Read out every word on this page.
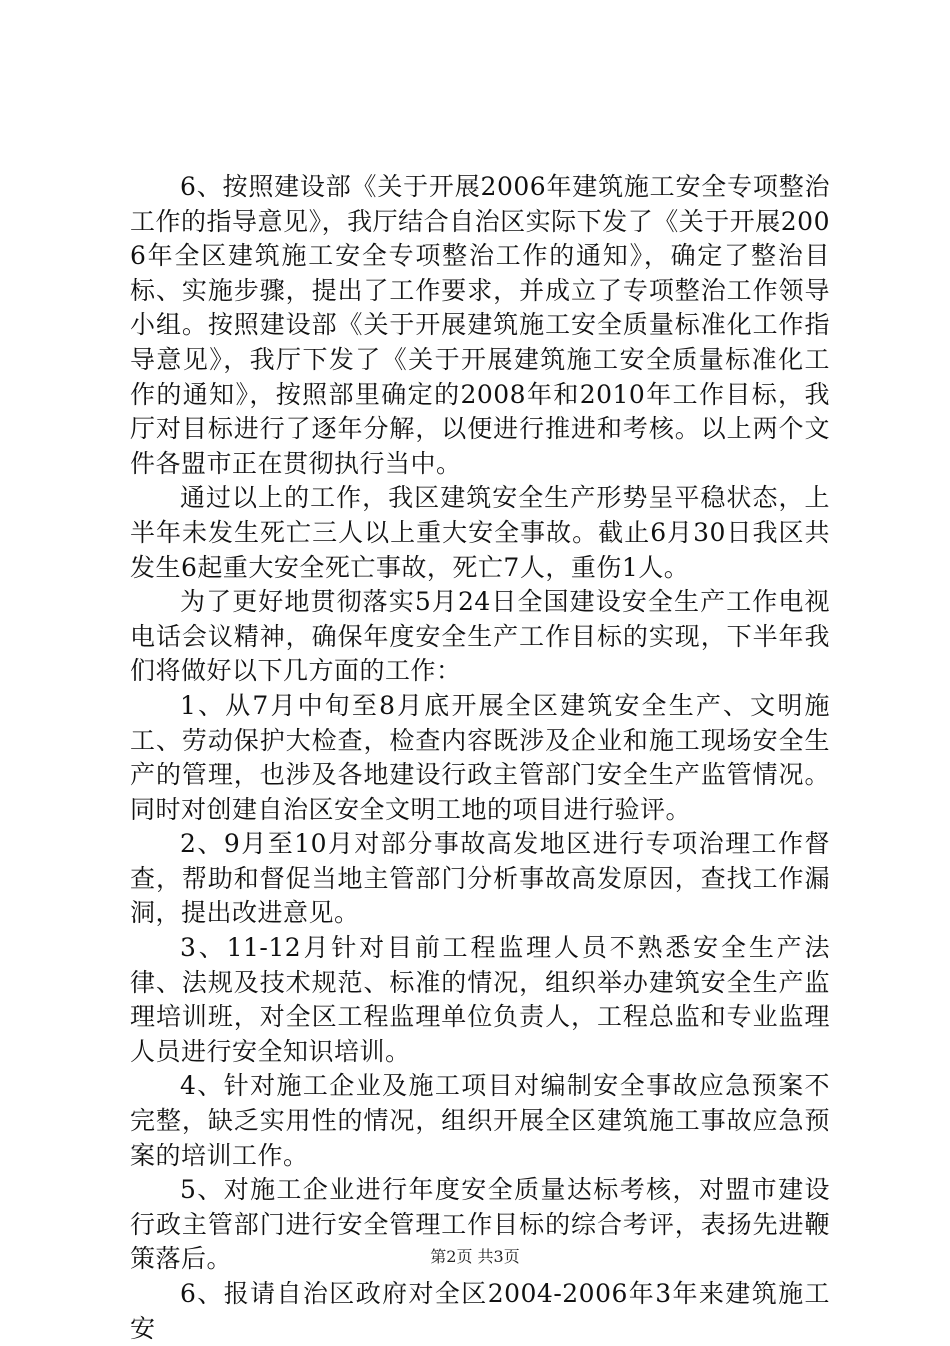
6、按照建设部《关于开展2006年建筑施工安全专项整治工作的指导意见》，我厅结合自治区实际下发了《关于开展2006年全区建筑施工安全专项整治工作的通知》，确定了整治目标、实施步骤，提出了工作要求，并成立了专项整治工作领导小组。按照建设部《关于开展建筑施工安全质量标准化工作指导意见》，我厅下发了《关于开展建筑施工安全质量标准化工作的通知》，按照部里确定的2008年和2010年工作目标，我厅对目标进行了逐年分解，以便进行推进和考核。以上两个文件各盟市正在贯彻执行当中。

通过以上的工作，我区建筑安全生产形势呈平稳状态，上半年未发生死亡三人以上重大安全事故。截止6月30日我区共发生6起重大安全死亡事故，死亡7人，重伤1人。

为了更好地贯彻落实5月24日全国建设安全生产工作电视电话会议精神，确保年度安全生产工作目标的实现，下半年我们将做好以下几方面的工作：

1、从7月中旬至8月底开展全区建筑安全生产、文明施工、劳动保护大检查，检查内容既涉及企业和施工现场安全生产的管理，也涉及各地建设行政主管部门安全生产监管情况。同时对创建自治区安全文明工地的项目进行验评。

2、9月至10月对部分事故高发地区进行专项治理工作督查，帮助和督促当地主管部门分析事故高发原因，查找工作漏洞，提出改进意见。

3、11-12月针对目前工程监理人员不熟悉安全生产法律、法规及技术规范、标准的情况，组织举办建筑安全生产监理培训班，对全区工程监理单位负责人，工程总监和专业监理人员进行安全知识培训。

4、针对施工企业及施工项目对编制安全事故应急预案不完整，缺乏实用性的情况，组织开展全区建筑施工事故应急预案的培训工作。

5、对施工企业进行年度安全质量达标考核，对盟市建设行政主管部门进行安全管理工作目标的综合考评，表扬先进鞭策落后。

6、报请自治区政府对全区2004-2006年3年来建筑施工安

第2页 共3页
